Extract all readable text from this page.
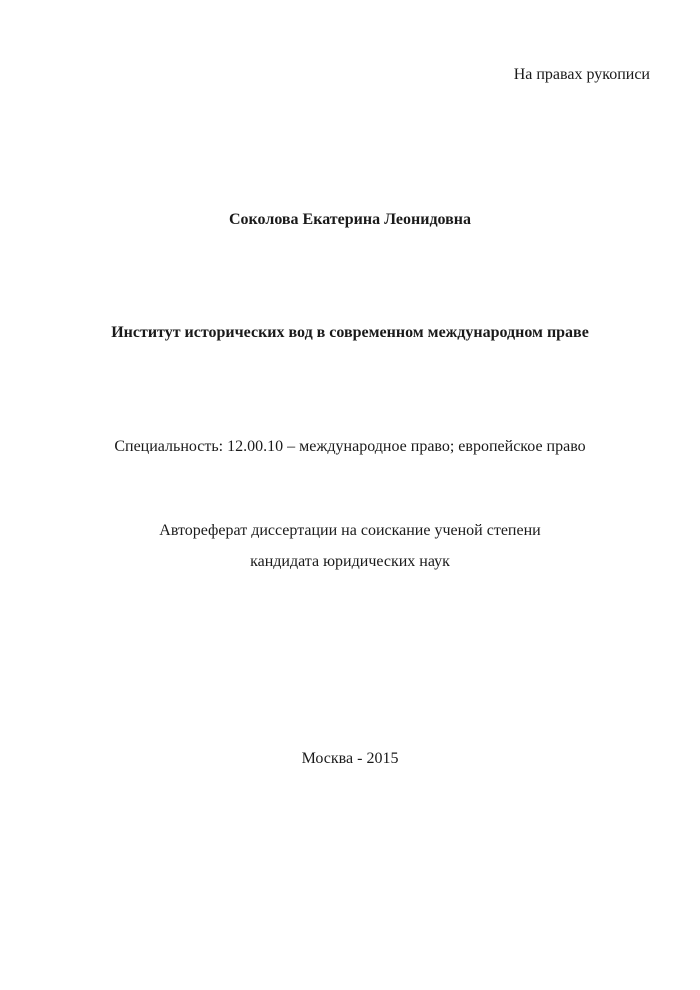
На правах рукописи
Соколова Екатерина Леонидовна
Институт исторических вод в современном международном праве
Специальность: 12.00.10 – международное право; европейское право
Автореферат диссертации на соискание ученой степени
кандидата юридических наук
Москва - 2015
